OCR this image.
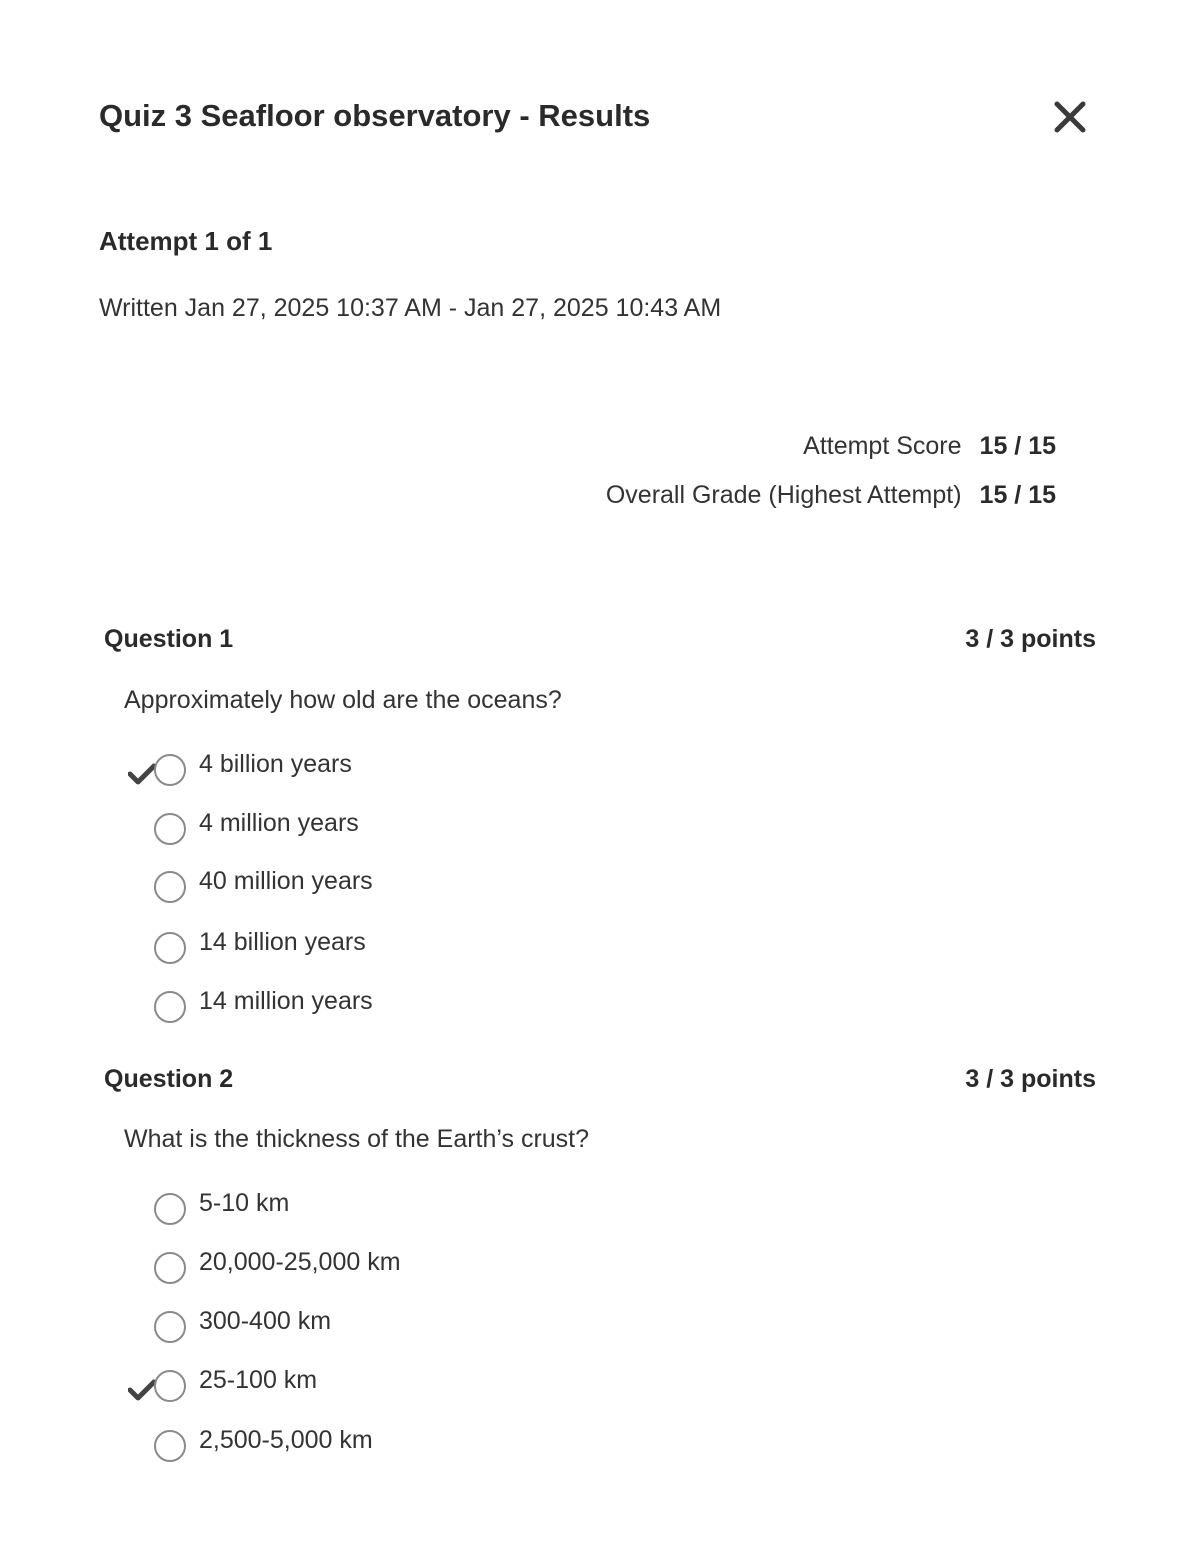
Quiz 3 Seafloor observatory - Results
Attempt 1 of 1
Written Jan 27, 2025 10:37 AM - Jan 27, 2025 10:43 AM
Attempt Score 15 / 15
Overall Grade (Highest Attempt) 15 / 15
Question 1	3 / 3 points
Approximately how old are the oceans?
4 billion years
4 million years
40 million years
14 billion years
14 million years
Question 2	3 / 3 points
What is the thickness of the Earth’s crust?
5-10 km
20,000-25,000 km
300-400 km
25-100 km
2,500-5,000 km
